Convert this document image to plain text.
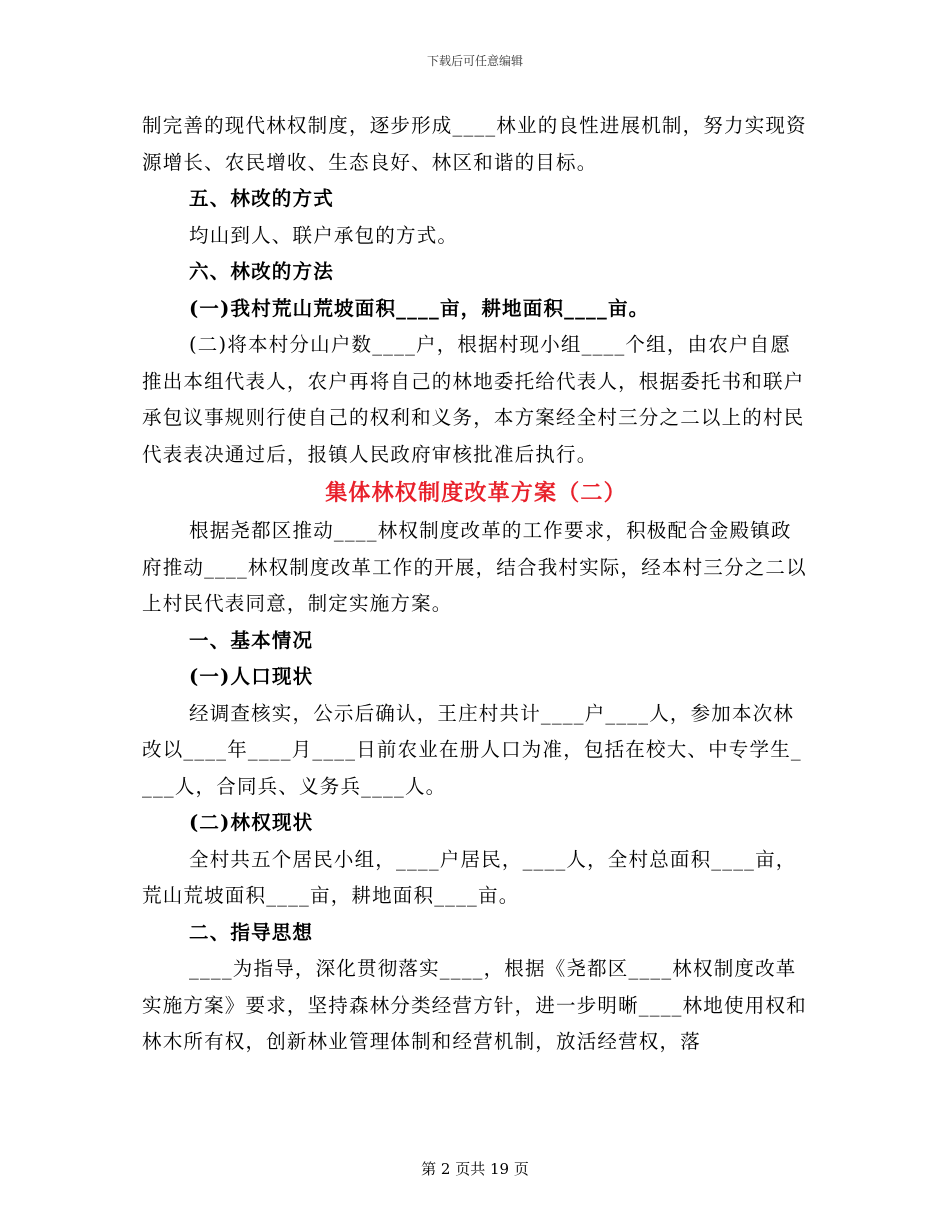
下载后可任意编辑

制完善的现代林权制度，逐步形成____林业的良性进展机制，努力实现资源增长、农民增收、生态良好、林区和谐的目标。

五、林改的方式

均山到人、联户承包的方式。

六、林改的方法

(一)我村荒山荒坡面积____亩，耕地面积____亩。

(二)将本村分山户数____户，根据村现小组____个组，由农户自愿推出本组代表人，农户再将自己的林地委托给代表人，根据委托书和联户承包议事规则行使自己的权利和义务，本方案经全村三分之二以上的村民代表表决通过后，报镇人民政府审核批准后执行。

集体林权制度改革方案（二）

根据尧都区推动____林权制度改革的工作要求，积极配合金殿镇政府推动____林权制度改革工作的开展，结合我村实际，经本村三分之二以上村民代表同意，制定实施方案。

一、基本情况

(一)人口现状

经调查核实，公示后确认，王庄村共计____户____人，参加本次林改以____年____月____日前农业在册人口为准，包括在校大、中专学生____人，合同兵、义务兵____人。

(二)林权现状

全村共五个居民小组，____户居民，____人，全村总面积____亩，荒山荒坡面积____亩，耕地面积____亩。

二、指导思想

____为指导，深化贯彻落实____，根据《尧都区____林权制度改革实施方案》要求，坚持森林分类经营方针，进一步明晰____林地使用权和林木所有权，创新林业管理体制和经营机制，放活经营权，落

第 2 页共 19 页
